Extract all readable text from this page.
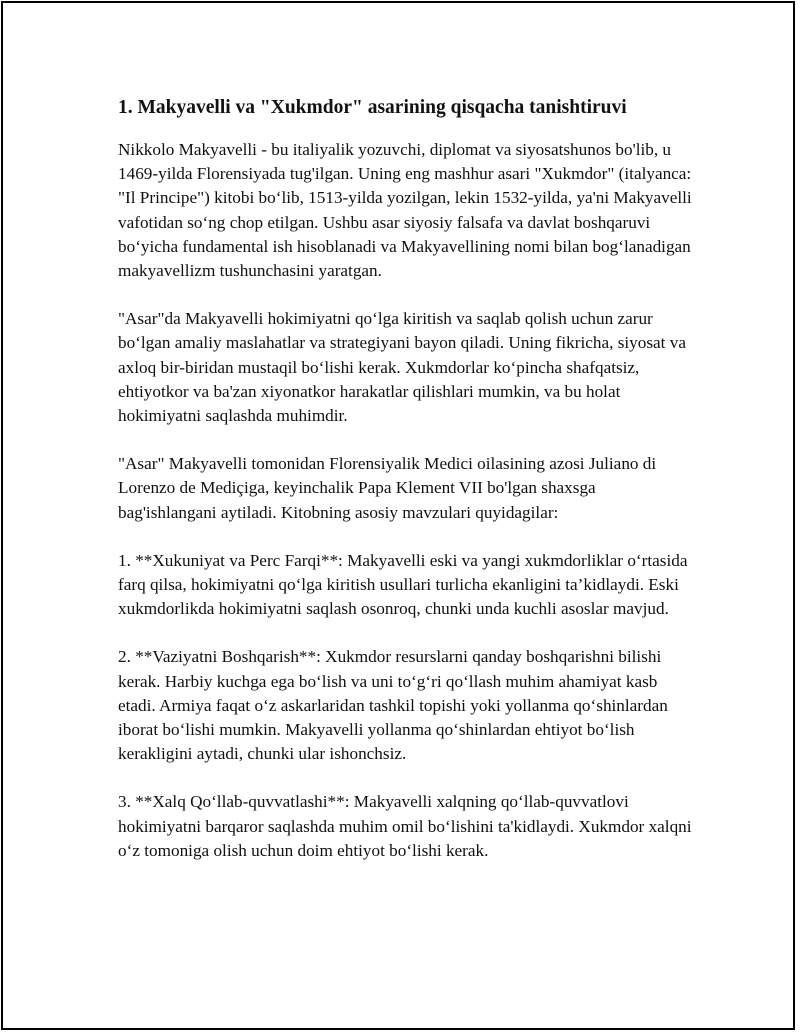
1. Makyavelli va "Xukmdor" asarining qisqacha tanishtiruvi

Nikkolo Makyavelli - bu italiyalik yozuvchi, diplomat va siyosatshunos bo'lib, u 1469-yilda Florensiyada tug'ilgan. Uning eng mashhur asari "Xukmdor" (italyanca: "Il Principe") kitobi bo‘lib, 1513-yilda yozilgan, lekin 1532-yilda, ya'ni Makyavelli vafotidan so‘ng chop etilgan. Ushbu asar siyosiy falsafa va davlat boshqaruvi bo‘yicha fundamental ish hisoblanadi va Makyavellining nomi bilan bog‘lanadigan makyavellizm tushunchasini yaratgan.

"Asar"da Makyavelli hokimiyatni qo‘lga kiritish va saqlab qolish uchun zarur bo‘lgan amaliy maslahatlar va strategiyani bayon qiladi. Uning fikricha, siyosat va axloq bir-biridan mustaqil bo‘lishi kerak. Xukmdorlar ko‘pincha shafqatsiz, ehtiyotkor va ba'zan xiyonatkor harakatlar qilishlari mumkin, va bu holat hokimiyatni saqlashda muhimdir.

"Asar" Makyavelli tomonidan Florensiyalik Medici oilasining azosi Juliano di Lorenzo de Mediçiga, keyinchalik Papa Klement VII bo'lgan shaxsga bag'ishlangani aytiladi. Kitobning asosiy mavzulari quyidagilar:

1. **Xukuniyat va Perc Farqi**: Makyavelli eski va yangi xukmdorliklar o‘rtasida farq qilsa, hokimiyatni qo‘lga kiritish usullari turlicha ekanligini ta’kidlaydi. Eski xukmdorlikda hokimiyatni saqlash osonroq, chunki unda kuchli asoslar mavjud.

2. **Vaziyatni Boshqarish**: Xukmdor resurslarni qanday boshqarishni bilishi kerak. Harbiy kuchga ega bo‘lish va uni to‘g‘ri qo‘llash muhim ahamiyat kasb etadi. Armiya faqat o‘z askarlaridan tashkil topishi yoki yollanma qo‘shinlardan iborat bo‘lishi mumkin. Makyavelli yollanma qo‘shinlardan ehtiyot bo‘lish kerakligini aytadi, chunki ular ishonchsiz.

3. **Xalq Qo‘llab-quvvatlashi**: Makyavelli xalqning qo‘llab-quvvatlovi hokimiyatni barqaror saqlashda muhim omil bo‘lishini ta'kidlaydi. Xukmdor xalqni o‘z tomoniga olish uchun doim ehtiyot bo‘lishi kerak.
